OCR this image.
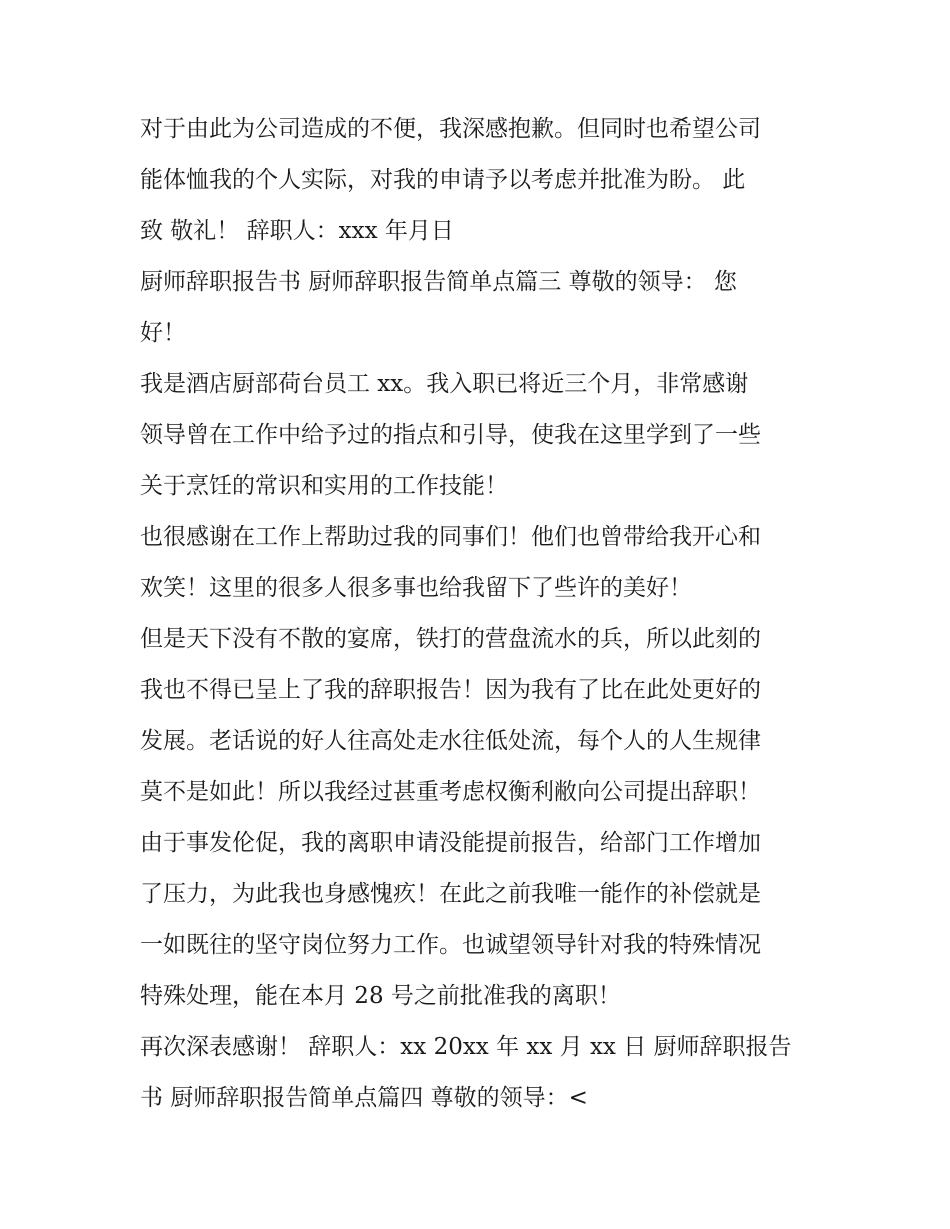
对于由此为公司造成的不便，我深感抱歉。但同时也希望公司
能体恤我的个人实际，对我的申请予以考虑并批准为盼。 此
致 敬礼！ 辞职人：xxx 年月日
厨师辞职报告书 厨师辞职报告简单点篇三 尊敬的领导： 您
好！
我是酒店厨部荷台员工 xx。我入职已将近三个月，非常感谢
领导曾在工作中给予过的指点和引导，使我在这里学到了一些
关于烹饪的常识和实用的工作技能！
也很感谢在工作上帮助过我的同事们！他们也曾带给我开心和
欢笑！这里的很多人很多事也给我留下了些许的美好！
但是天下没有不散的宴席，铁打的营盘流水的兵，所以此刻的
我也不得已呈上了我的辞职报告！因为我有了比在此处更好的
发展。老话说的好人往高处走水往低处流，每个人的人生规律
莫不是如此！所以我经过甚重考虑权衡利敝向公司提出辞职！
由于事发伦促，我的离职申请没能提前报告，给部门工作增加
了压力，为此我也身感愧疚！在此之前我唯一能作的补偿就是
一如既往的坚守岗位努力工作。也诚望领导针对我的特殊情况
特殊处理，能在本月 28 号之前批准我的离职！
再次深表感谢！ 辞职人：xx 20xx 年 xx 月 xx 日 厨师辞职报告
书 厨师辞职报告简单点篇四 尊敬的领导：<
